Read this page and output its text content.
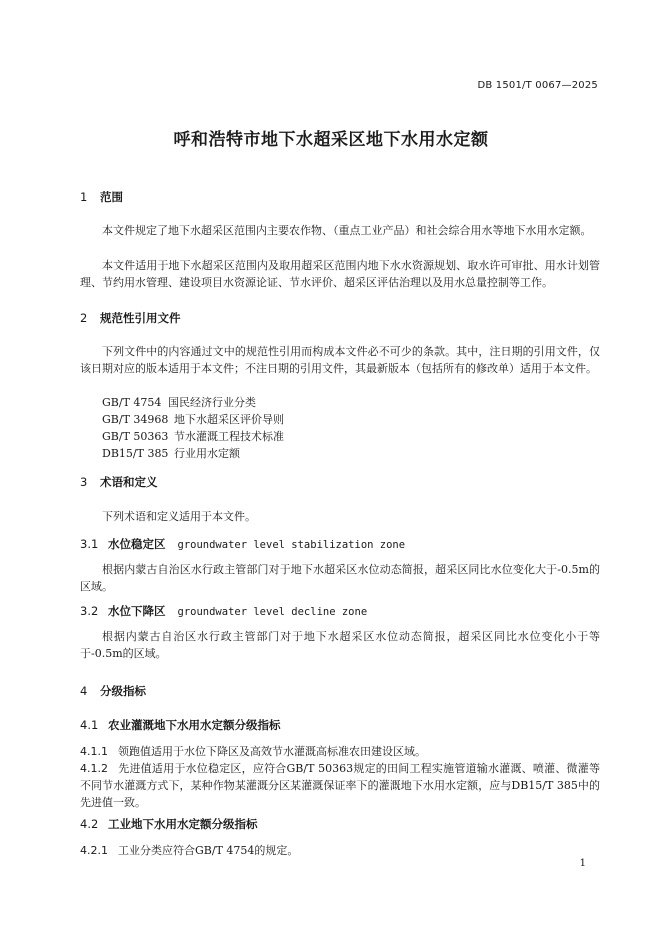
DB 1501/T 0067—2025
呼和浩特市地下水超采区地下水用水定额
1 范围
本文件规定了地下水超采区范围内主要农作物、（重点工业产品）和社会综合用水等地下水用水定额。
本文件适用于地下水超采区范围内及取用超采区范围内地下水水资源规划、取水许可审批、用水计划管理、节约用水管理、建设项目水资源论证、节水评价、超采区评估治理以及用水总量控制等工作。
2 规范性引用文件
下列文件中的内容通过文中的规范性引用而构成本文件必不可少的条款。其中，注日期的引用文件，仅该日期对应的版本适用于本文件；不注日期的引用文件，其最新版本（包括所有的修改单）适用于本文件。
GB/T 4754 国民经济行业分类
GB/T 34968 地下水超采区评价导则
GB/T 50363 节水灌溉工程技术标准
DB15/T 385 行业用水定额
3 术语和定义
下列术语和定义适用于本文件。
3.1 水位稳定区 groundwater level stabilization zone
根据内蒙古自治区水行政主管部门对于地下水超采区水位动态简报，超采区同比水位变化大于-0.5m的区域。
3.2 水位下降区 groundwater level decline zone
根据内蒙古自治区水行政主管部门对于地下水超采区水位动态简报，超采区同比水位变化小于等于-0.5m的区域。
4 分级指标
4.1 农业灌溉地下水用水定额分级指标
4.1.1 领跑值适用于水位下降区及高效节水灌溉高标准农田建设区域。
4.1.2 先进值适用于水位稳定区，应符合GB/T 50363规定的田间工程实施管道输水灌溉、喷灌、微灌等不同节水灌溉方式下，某种作物某灌溉分区某灌溉保证率下的灌溉地下水用水定额，应与DB15/T 385中的先进值一致。
4.2 工业地下水用水定额分级指标
4.2.1 工业分类应符合GB/T 4754的规定。
1
